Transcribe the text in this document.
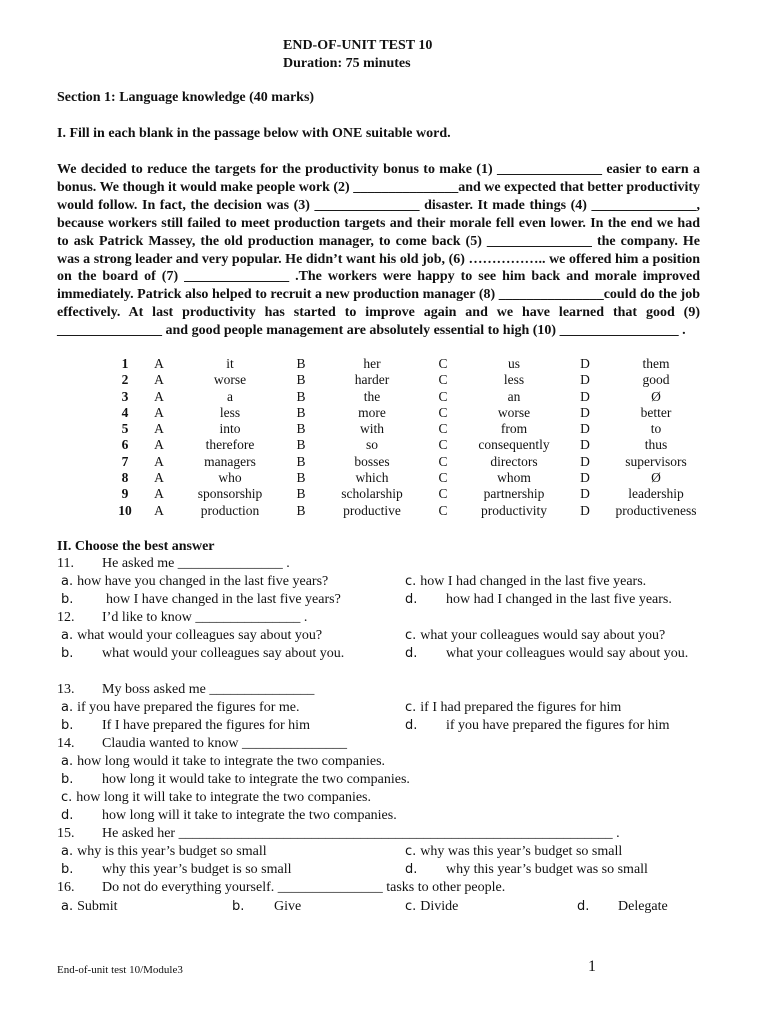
END-OF-UNIT TEST 10
Duration: 75 minutes
Section 1: Language knowledge (40 marks)
I. Fill in each blank in the passage below with ONE suitable word.

We decided to reduce the targets for the productivity bonus to make (1) _______________ easier to earn a bonus. We though it would make people work (2) _______________and we expected that better productivity would follow. In fact, the decision was (3) _______________ disaster. It made things (4) _______________, because workers still failed to meet production targets and their morale fell even lower. In the end we had to ask Patrick Massey, the old production manager, to come back (5) _______________ the company. He was a strong leader and very popular. He didn’t want his old job, (6) …………….. we offered him a position on the board of (7) _______________ .The workers were happy to see him back and morale improved immediately. Patrick also helped to recruit a new production manager (8) _______________could do the job effectively. At last productivity has started to improve again and we have learned that good (9) _______________ and good people management are absolutely essential to high (10) _________________ .

1	A	it	B	her	C	us	D	them
2	A	worse	B	harder	C	less	D	good
3	A	a	B	the	C	an	D	Ø
4	A	less	B	more	C	worse	D	better
5	A	into	B	with	C	from	D	to
6	A	therefore	B	so	C	consequently	D	thus
7	A	managers	B	bosses	C	directors	D	supervisors
8	A	who	B	which	C	whom	D	Ø
9	A	sponsorship	B	scholarship	C	partnership	D	leadership
10	A	production	B	productive	C	productivity	D	productiveness
II. Choose the best answer
11. He asked me _______________ .
a. how have you changed in the last five years?	c. how I had changed in the last five years.
b. how I have changed in the last five years?	d. how had I changed in the last five years.
12. I’d like to know _______________ .
a. what would your colleagues say about you?	c. what your colleagues would say about you?
b. what would your colleagues say about you.	d. what your colleagues would say about you.
13. My boss asked me _______________
a. if you have prepared the figures for me.	c. if I had prepared the figures for him
b. If I have prepared the figures for him	d. if you have prepared the figures for him
14. Claudia wanted to know _______________
a. how long would it take to integrate the two companies.
b. how long it would take to integrate the two companies.
c. how long it will take to integrate the two companies.
d. how long will it take to integrate the two companies.
15. He asked her ______________________________________________________________ .
a. why is this year’s budget so small	c. why was this year’s budget so small
b. why this year’s budget is so small	d. why this year’s budget was so small
16. Do not do everything yourself. _______________ tasks to other people.
a. Submit	b. Give	c. Divide	d. Delegate
End-of-unit test 10/Module3	1
